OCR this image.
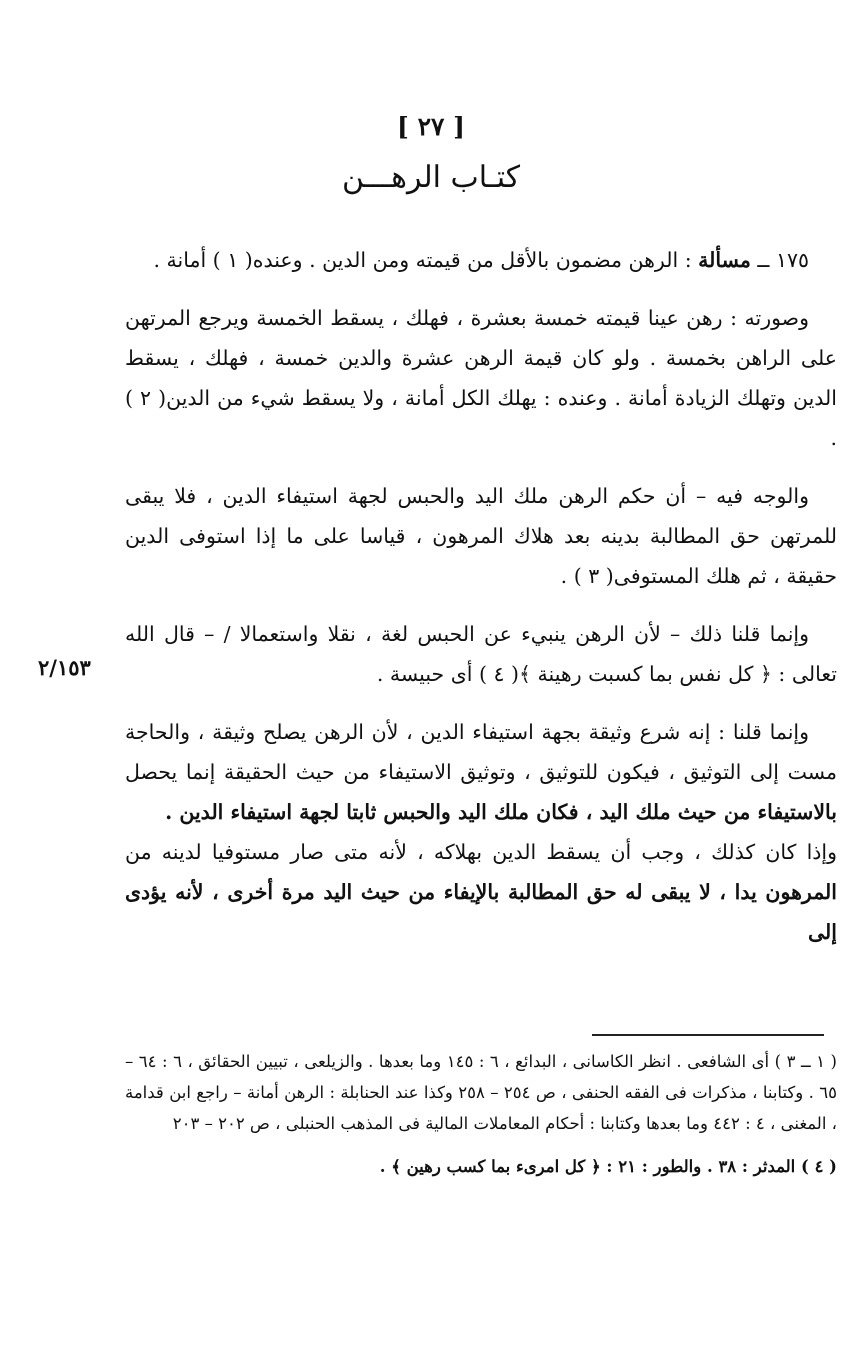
[ ٢٧ ]
كتـاب الرهـــن
٢/١٥٣

١٧٥ ــ مسألة : الرهن مضمون بالأقل من قيمته ومن الدين . وعنده( ١ ) أمانة .

وصورته : رهن عينا قيمته خمسة بعشرة ، فهلك ، يسقط الخمسة ويرجع المرتهن على الراهن بخمسة . ولو كان قيمة الرهن عشرة والدين خمسة ، فهلك ، يسقط الدين وتهلك الزيادة أمانة . وعنده : يهلك الكل أمانة ، ولا يسقط شيء من الدين( ٢ ) .

والوجه فيه – أن حكم الرهن ملك اليد والحبس لجهة استيفاء الدين ، فلا يبقى للمرتهن حق المطالبة بدينه بعد هلاك المرهون ، قياسا على ما إذا استوفى الدين حقيقة ، ثم هلك المستوفى( ٣ ) .

وإنما قلنا ذلك – لأن الرهن ينبيء عن الحبس لغة ، نقلا واستعمالا / – قال الله تعالى : ﴿ كل نفس بما كسبت رهينة ﴾( ٤ ) أى حبيسة .

وإنما قلنا : إنه شرع وثيقة بجهة استيفاء الدين ، لأن الرهن يصلح وثيقة ، والحاجة مست إلى التوثيق ، فيكون للتوثيق ، وتوثيق الاستيفاء من حيث الحقيقة إنما يحصل بالاستيفاء من حيث ملك اليد ، فكان ملك اليد والحبس ثابتا لجهة استيفاء الدين .

وإذا كان كذلك ، وجب أن يسقط الدين بهلاكه ، لأنه متى صار مستوفيا لدينه من المرهون يدا ، لا يبقى له حق المطالبة بالإيفاء من حيث اليد مرة أخرى ، لأنه يؤدى إلى

( ١ ــ ٣ ) أى الشافعى . انظر الكاسانى ، البدائع ، ٦ : ١٤٥ وما بعدها . والزيلعى ، تبيين الحقائق ، ٦ : ٦٤ – ٦٥ . وكتابنا ، مذكرات فى الفقه الحنفى ، ص ٢٥٤ – ٢٥٨ وكذا عند الحنابلة : الرهن أمانة – راجع ابن قدامة ، المغنى ، ٤ : ٤٤٢ وما بعدها وكتابنا : أحكام المعاملات المالية فى المذهب الحنبلى ، ص ٢٠٢ – ٢٠٣

( ٤ ) المدثر : ٣٨ . والطور : ٢١ : ﴿ كل امرىء بما كسب رهين ﴾ .
